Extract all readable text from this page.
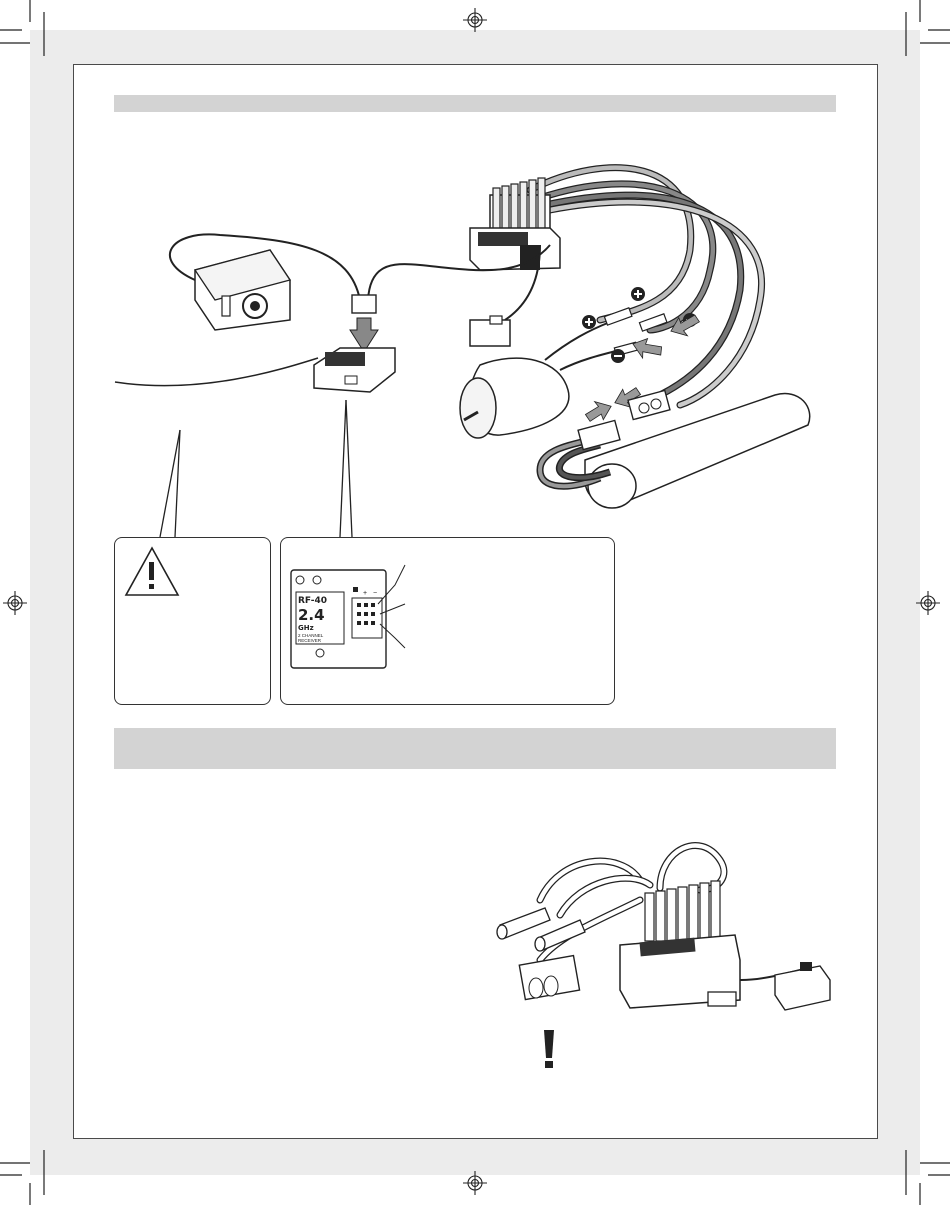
RF-40
2.4
GHz
2 CHANNEL
RECEIVER
+ −
